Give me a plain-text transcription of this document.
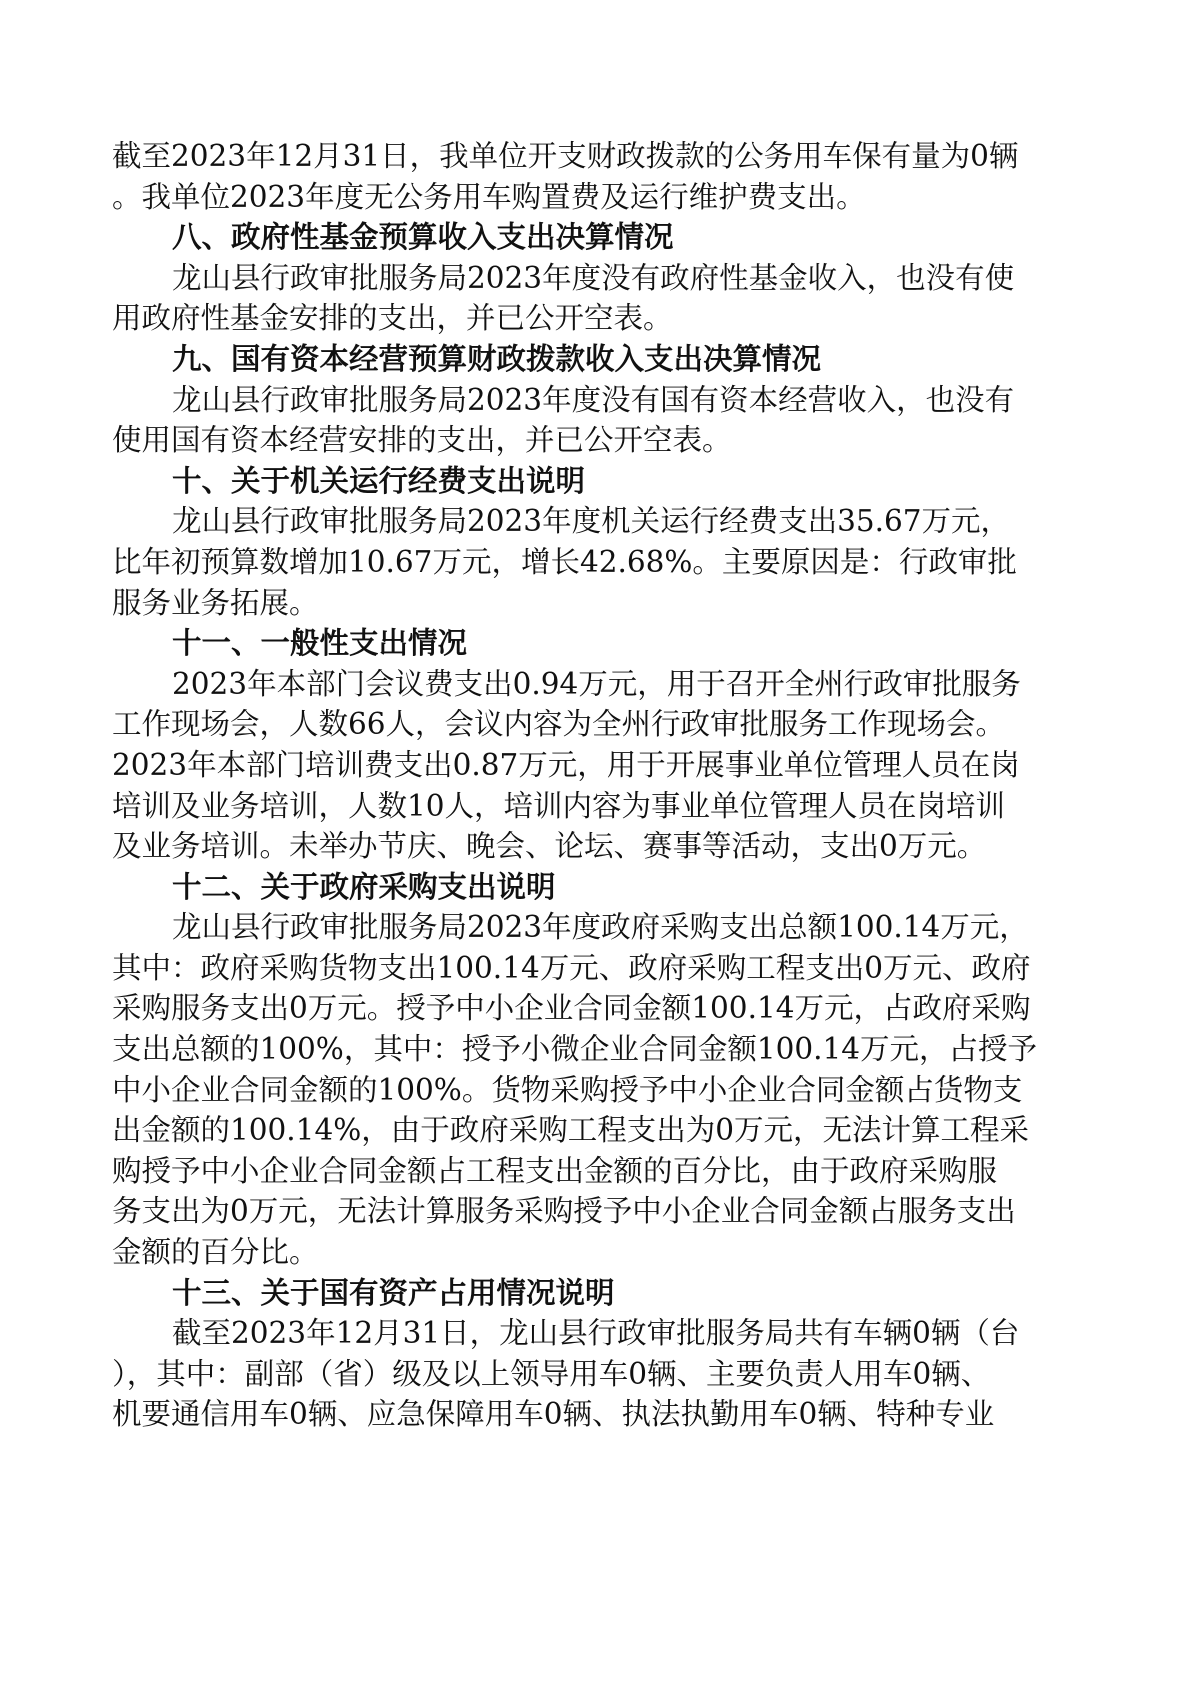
截至2023年12月31日，我单位开支财政拨款的公务用车保有量为0辆
。我单位2023年度无公务用车购置费及运行维护费支出。
八、政府性基金预算收入支出决算情况
龙山县行政审批服务局2023年度没有政府性基金收入，也没有使
用政府性基金安排的支出，并已公开空表。
九、国有资本经营预算财政拨款收入支出决算情况
龙山县行政审批服务局2023年度没有国有资本经营收入，也没有
使用国有资本经营安排的支出，并已公开空表。
十、关于机关运行经费支出说明
龙山县行政审批服务局2023年度机关运行经费支出35.67万元，
比年初预算数增加10.67万元，增长42.68%。主要原因是：行政审批
服务业务拓展。
十一、一般性支出情况
2023年本部门会议费支出0.94万元，用于召开全州行政审批服务
工作现场会，人数66人，会议内容为全州行政审批服务工作现场会。
2023年本部门培训费支出0.87万元，用于开展事业单位管理人员在岗
培训及业务培训，人数10人，培训内容为事业单位管理人员在岗培训
及业务培训。未举办节庆、晚会、论坛、赛事等活动，支出0万元。
十二、关于政府采购支出说明
龙山县行政审批服务局2023年度政府采购支出总额100.14万元，
其中：政府采购货物支出100.14万元、政府采购工程支出0万元、政府
采购服务支出0万元。授予中小企业合同金额100.14万元，占政府采购
支出总额的100%，其中：授予小微企业合同金额100.14万元，占授予
中小企业合同金额的100%。货物采购授予中小企业合同金额占货物支
出金额的100.14%，由于政府采购工程支出为0万元，无法计算工程采
购授予中小企业合同金额占工程支出金额的百分比，由于政府采购服
务支出为0万元，无法计算服务采购授予中小企业合同金额占服务支出
金额的百分比。
十三、关于国有资产占用情况说明
截至2023年12月31日，龙山县行政审批服务局共有车辆0辆（台
），其中：副部（省）级及以上领导用车0辆、主要负责人用车0辆、
机要通信用车0辆、应急保障用车0辆、执法执勤用车0辆、特种专业
